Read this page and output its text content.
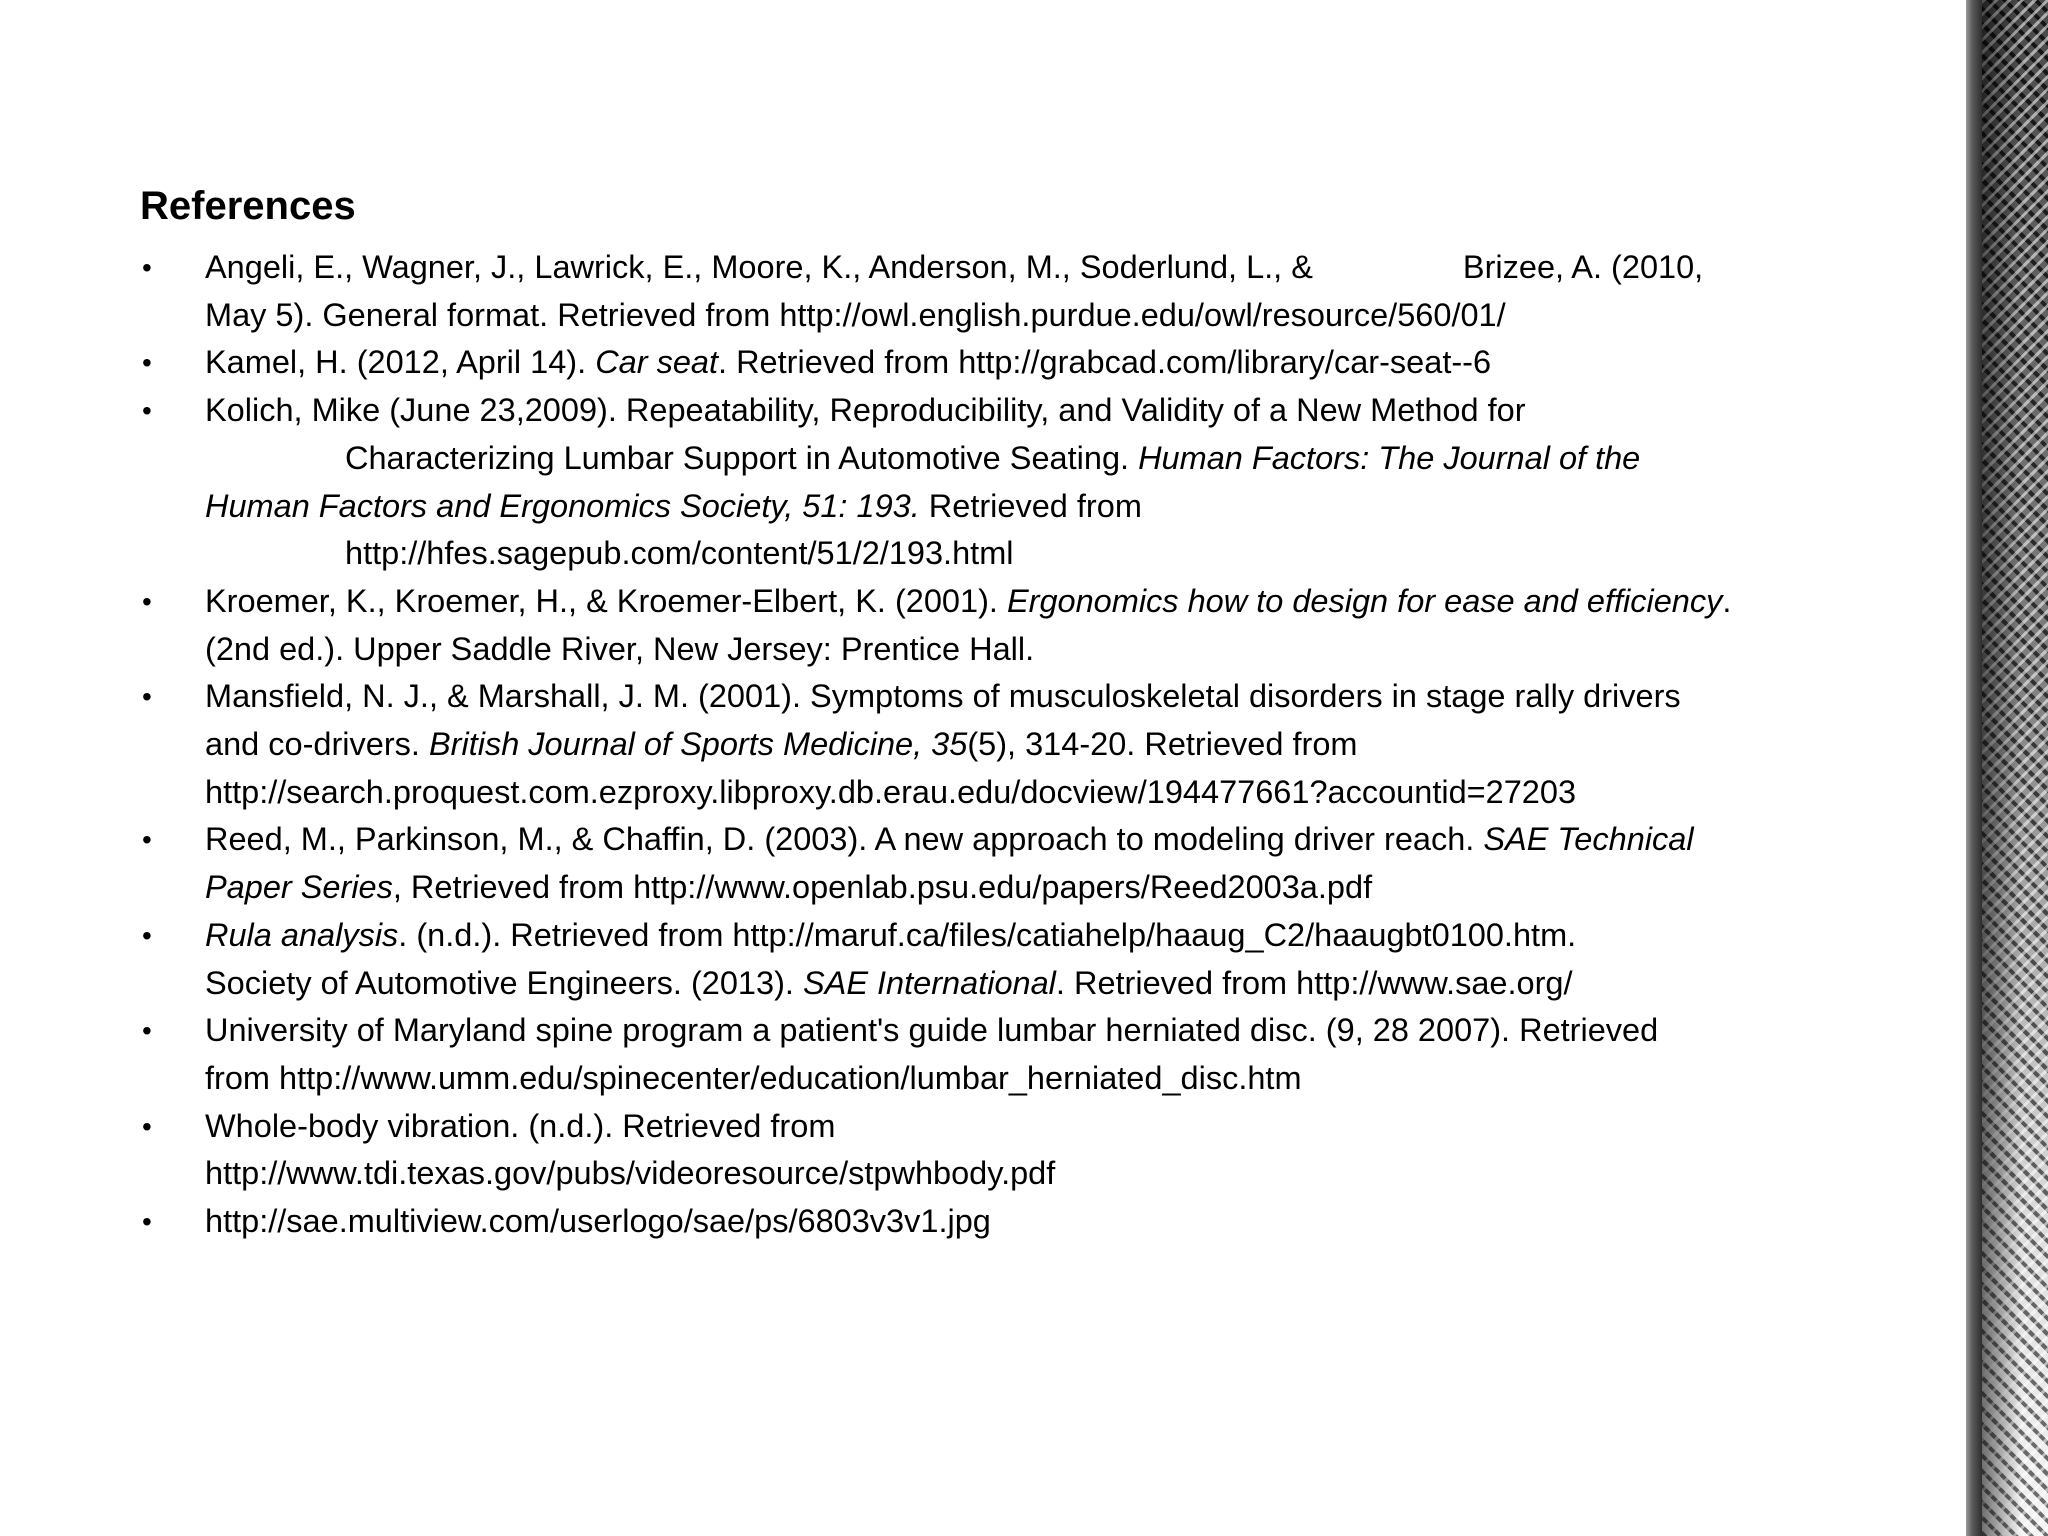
References
• Angeli, E., Wagner, J., Lawrick, E., Moore, K., Anderson, M., Soderlund, L., &	Brizee, A. (2010,
May 5). General format. Retrieved from http://owl.english.purdue.edu/owl/resource/560/01/
• Kamel, H. (2012, April 14). Car seat. Retrieved from http://grabcad.com/library/car-seat--6
• Kolich, Mike (June 23,2009). Repeatability, Reproducibility, and Validity of a New Method for
Characterizing Lumbar Support in Automotive Seating. Human Factors: The Journal of the
Human Factors and Ergonomics Society, 51: 193. Retrieved from
http://hfes.sagepub.com/content/51/2/193.html
• Kroemer, K., Kroemer, H., & Kroemer-Elbert, K. (2001). Ergonomics how to design for ease and efficiency.
(2nd ed.). Upper Saddle River, New Jersey: Prentice Hall.
• Mansfield, N. J., & Marshall, J. M. (2001). Symptoms of musculoskeletal disorders in stage rally drivers
and co-drivers. British Journal of Sports Medicine, 35(5), 314-20. Retrieved from
http://search.proquest.com.ezproxy.libproxy.db.erau.edu/docview/194477661?accountid=27203
• Reed, M., Parkinson, M., & Chaffin, D. (2003). A new approach to modeling driver reach. SAE Technical
Paper Series, Retrieved from http://www.openlab.psu.edu/papers/Reed2003a.pdf
• Rula analysis. (n.d.). Retrieved from http://maruf.ca/files/catiahelp/haaug_C2/haaugbt0100.htm.
Society of Automotive Engineers. (2013). SAE International. Retrieved from http://www.sae.org/
• University of Maryland spine program a patient's guide lumbar herniated disc. (9, 28 2007). Retrieved
from http://www.umm.edu/spinecenter/education/lumbar_herniated_disc.htm
• Whole-body vibration. (n.d.). Retrieved from
http://www.tdi.texas.gov/pubs/videoresource/stpwhbody.pdf
• http://sae.multiview.com/userlogo/sae/ps/6803v3v1.jpg
